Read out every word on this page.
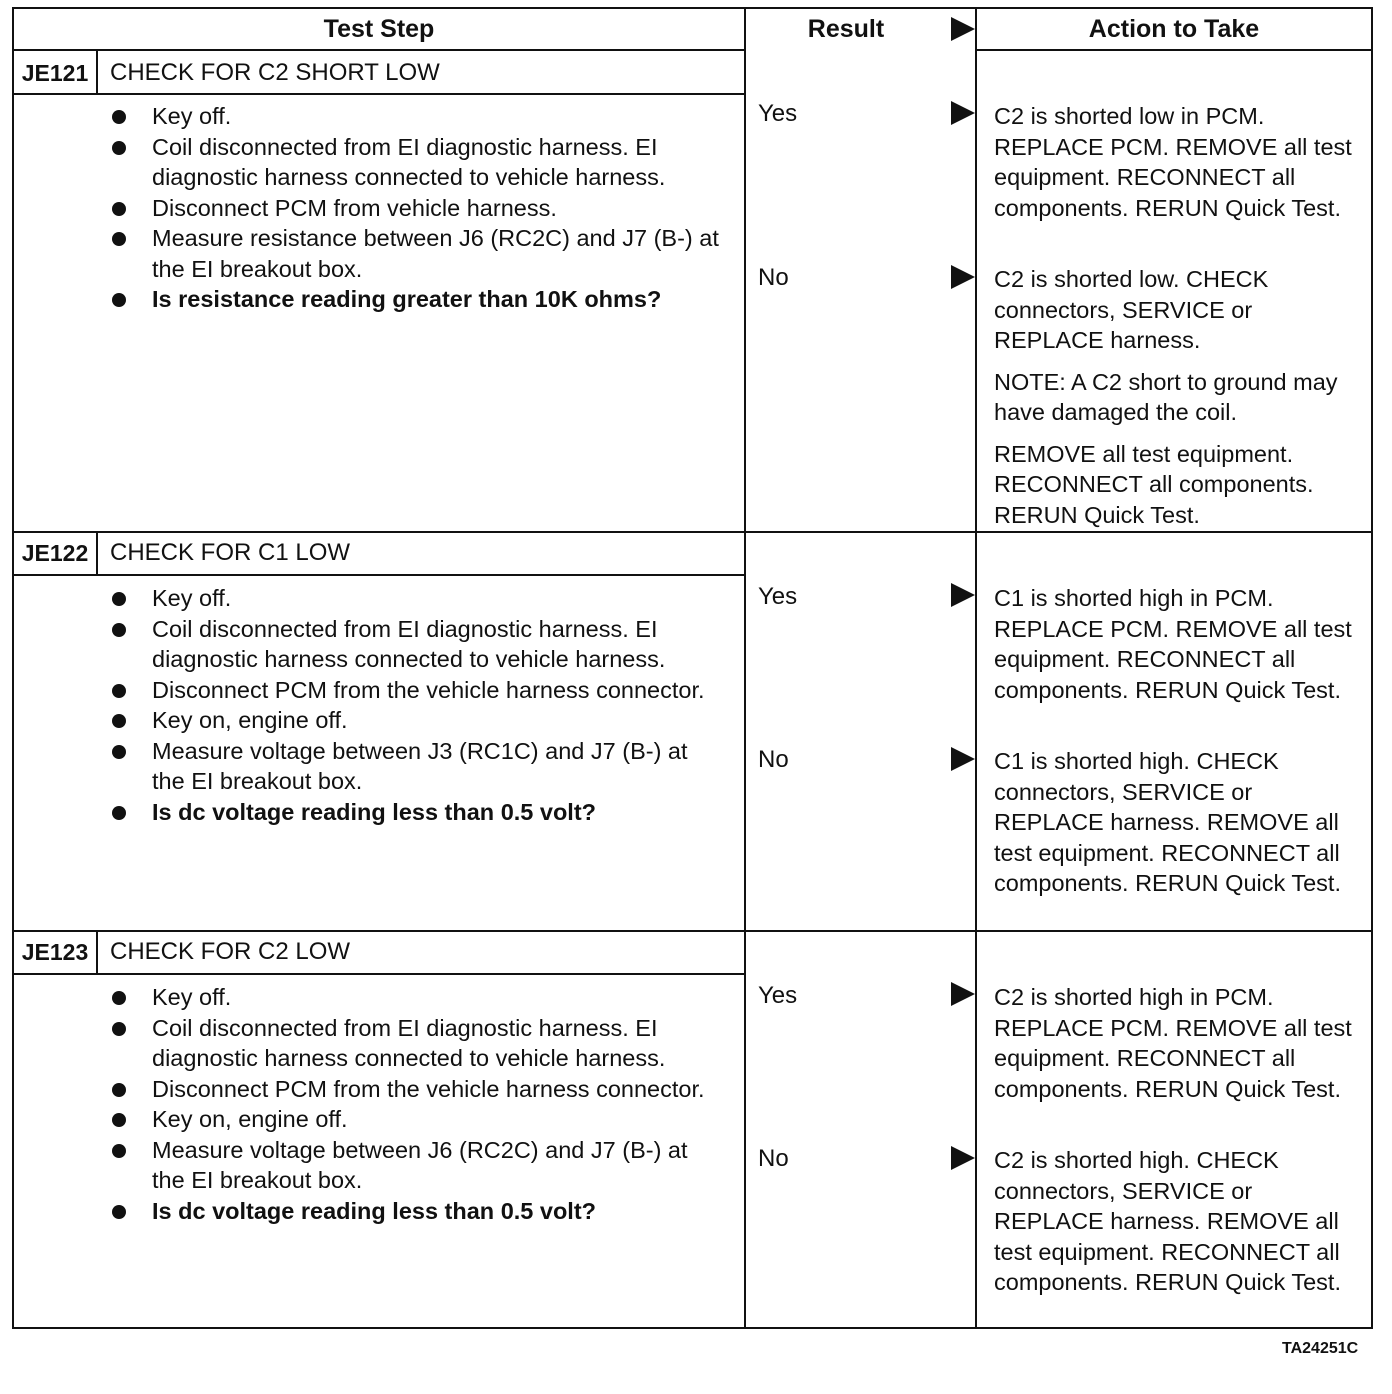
Test Step	Result	Action to Take
JE121 CHECK FOR C2 SHORT LOW
Key off.
Coil disconnected from EI diagnostic harness. EI diagnostic harness connected to vehicle harness.
Disconnect PCM from vehicle harness.
Measure resistance between J6 (RC2C) and J7 (B-) at the EI breakout box.
Is resistance reading greater than 10K ohms?
Yes
No

C2 is shorted low in PCM. REPLACE PCM. REMOVE all test equipment. RECONNECT all components. RERUN Quick Test.

C2 is shorted low. CHECK connectors, SERVICE or REPLACE harness.

NOTE: A C2 short to ground may have damaged the coil.

REMOVE all test equipment. RECONNECT all components. RERUN Quick Test.

JE122 CHECK FOR C1 LOW
Key off.
Coil disconnected from EI diagnostic harness. EI diagnostic harness connected to vehicle harness.
Disconnect PCM from the vehicle harness connector.
Key on, engine off.
Measure voltage between J3 (RC1C) and J7 (B-) at the EI breakout box.
Is dc voltage reading less than 0.5 volt?
Yes
No

C1 is shorted high in PCM. REPLACE PCM. REMOVE all test equipment. RECONNECT all components. RERUN Quick Test.

C1 is shorted high. CHECK connectors, SERVICE or REPLACE harness. REMOVE all test equipment. RECONNECT all components. RERUN Quick Test.

JE123 CHECK FOR C2 LOW
Key off.
Coil disconnected from EI diagnostic harness. EI diagnostic harness connected to vehicle harness.
Disconnect PCM from the vehicle harness connector.
Key on, engine off.
Measure voltage between J6 (RC2C) and J7 (B-) at the EI breakout box.
Is dc voltage reading less than 0.5 volt?
Yes
No

C2 is shorted high in PCM. REPLACE PCM. REMOVE all test equipment. RECONNECT all components. RERUN Quick Test.

C2 is shorted high. CHECK connectors, SERVICE or REPLACE harness. REMOVE all test equipment. RECONNECT all components. RERUN Quick Test.

TA24251C
